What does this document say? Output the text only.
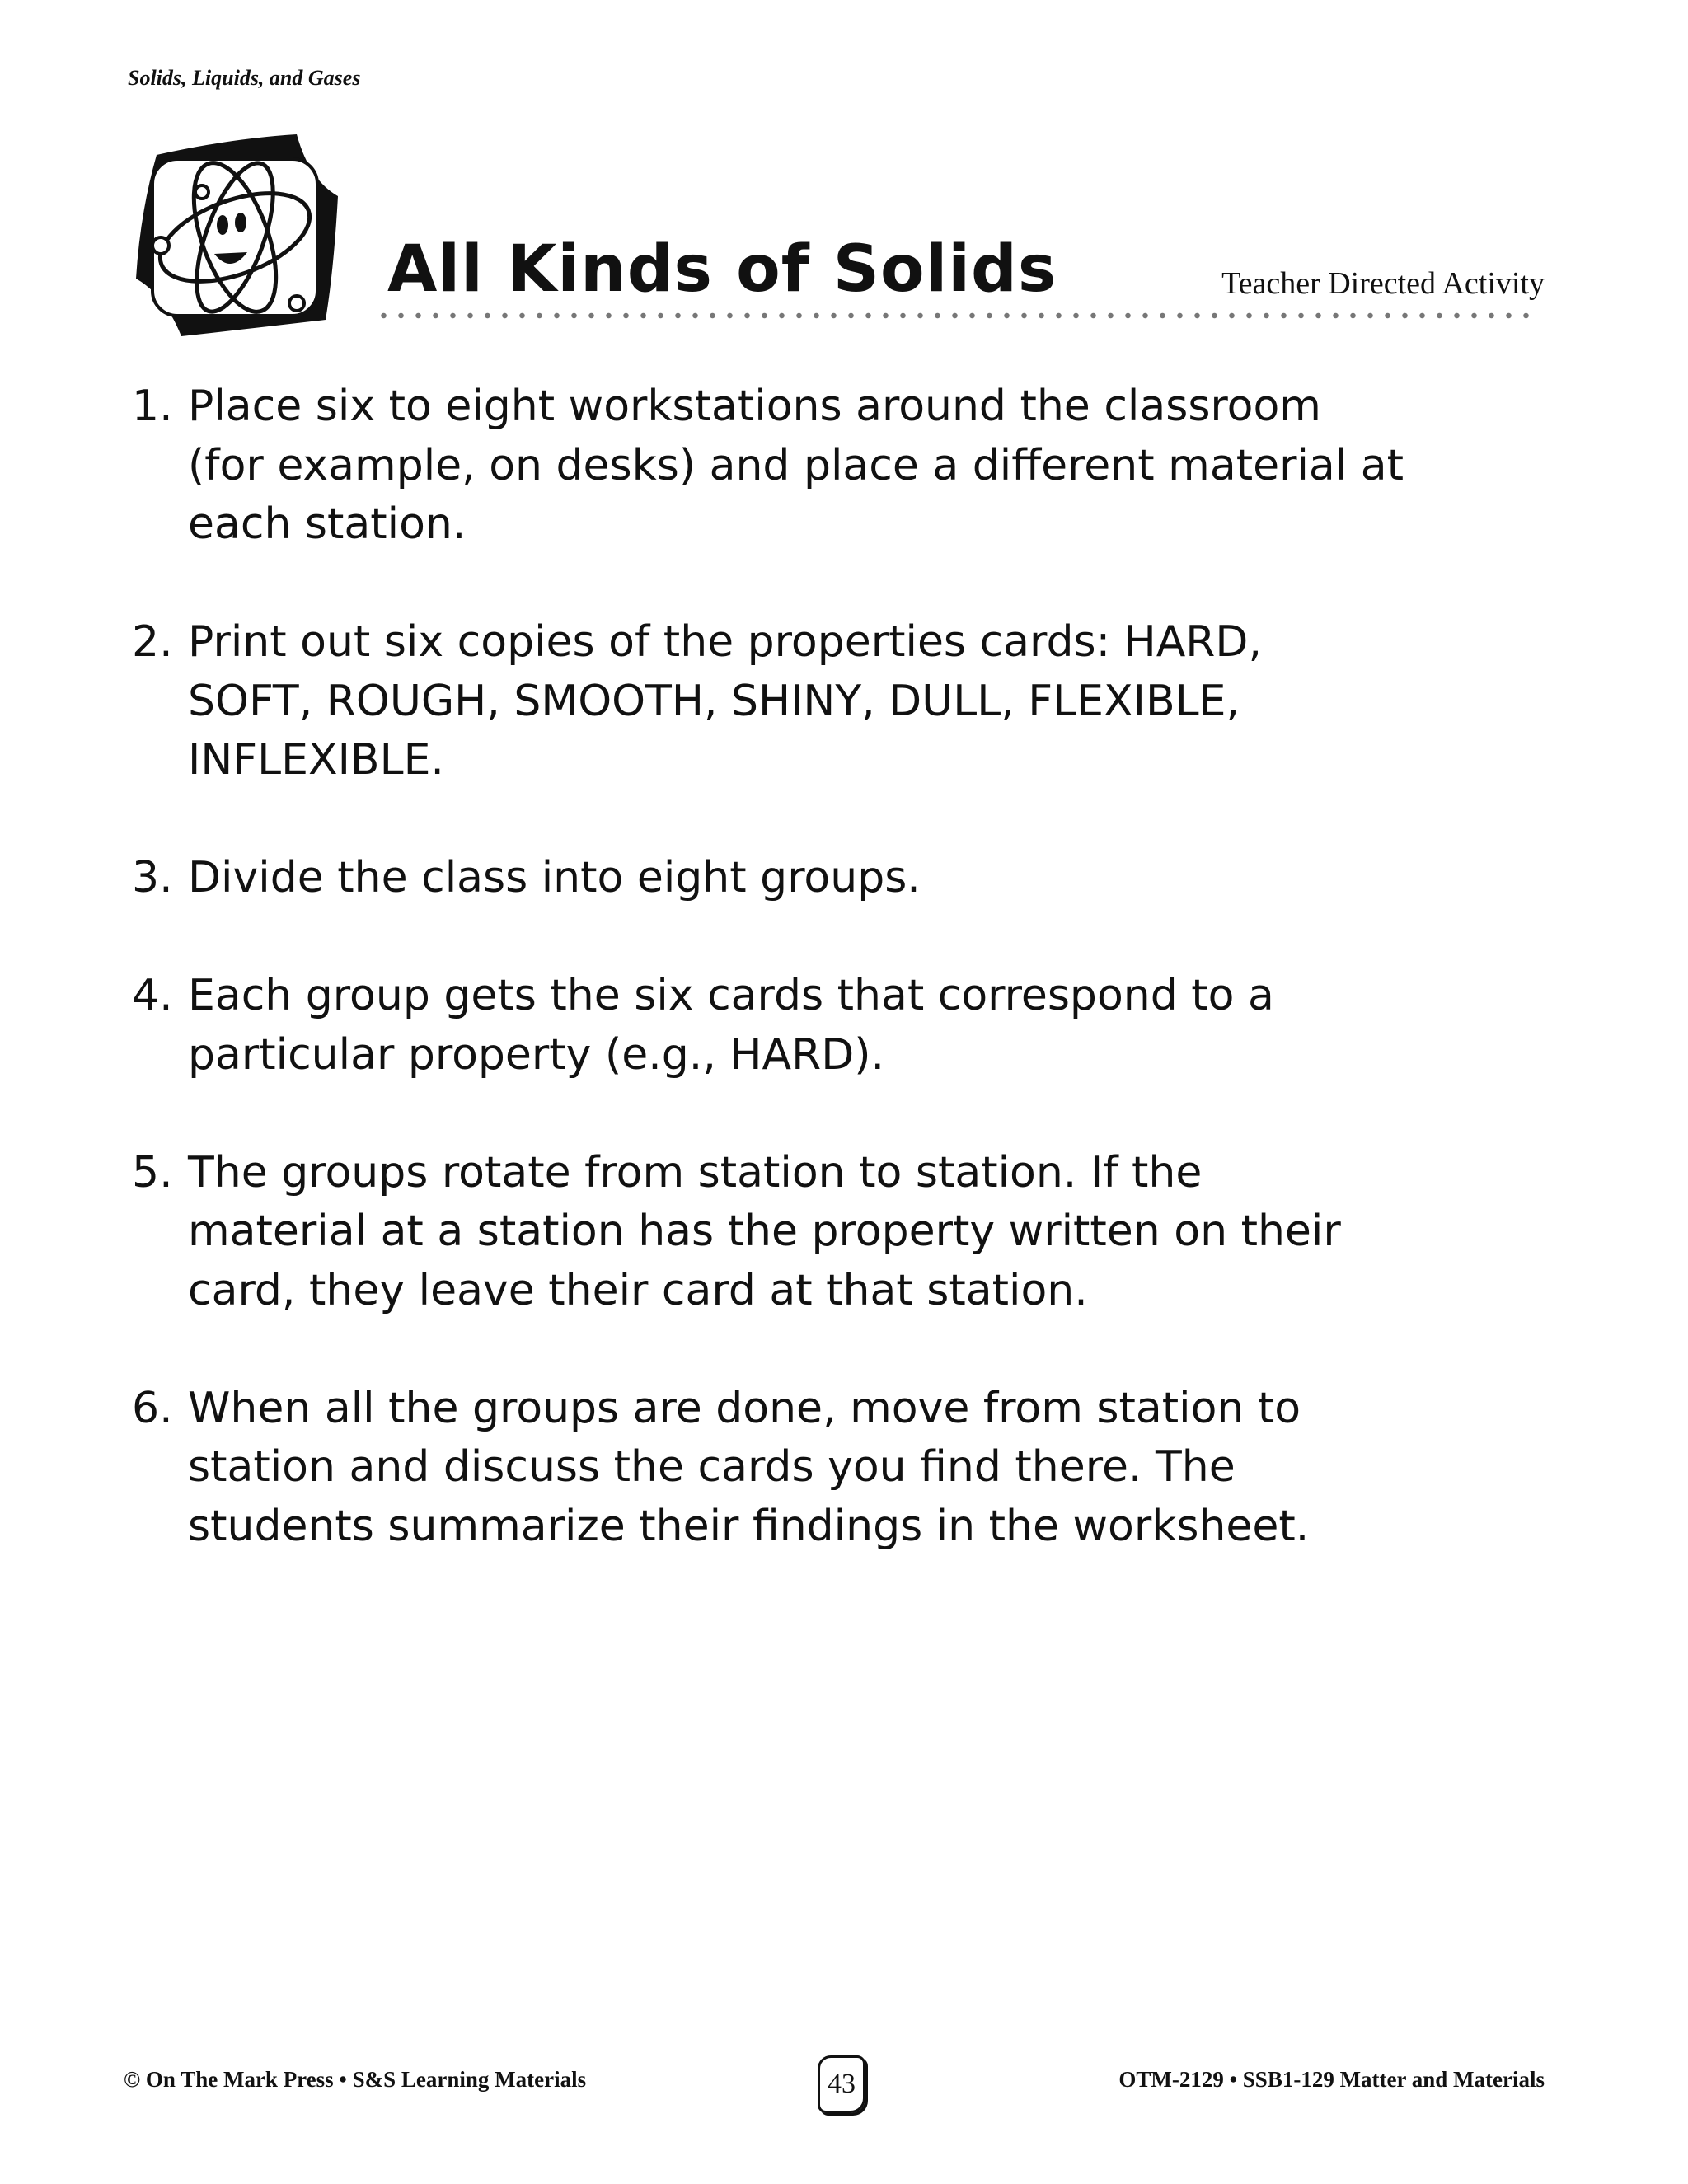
Solids, Liquids, and Gases
All Kinds of Solids	Teacher Directed Activity
1. Place six to eight workstations around the classroom
(for example, on desks) and place a different material at
each station.
2. Print out six copies of the properties cards: HARD,
SOFT, ROUGH, SMOOTH, SHINY, DULL, FLEXIBLE,
INFLEXIBLE.
3. Divide the class into eight groups.
4. Each group gets the six cards that correspond to a
particular property (e.g., HARD).
5. The groups rotate from station to station. If the
material at a station has the property written on their
card, they leave their card at that station.
6. When all the groups are done, move from station to
station and discuss the cards you find there. The
students summarize their findings in the worksheet.
© On The Mark Press • S&S Learning Materials	43	OTM-2129 • SSB1-129 Matter and Materials
